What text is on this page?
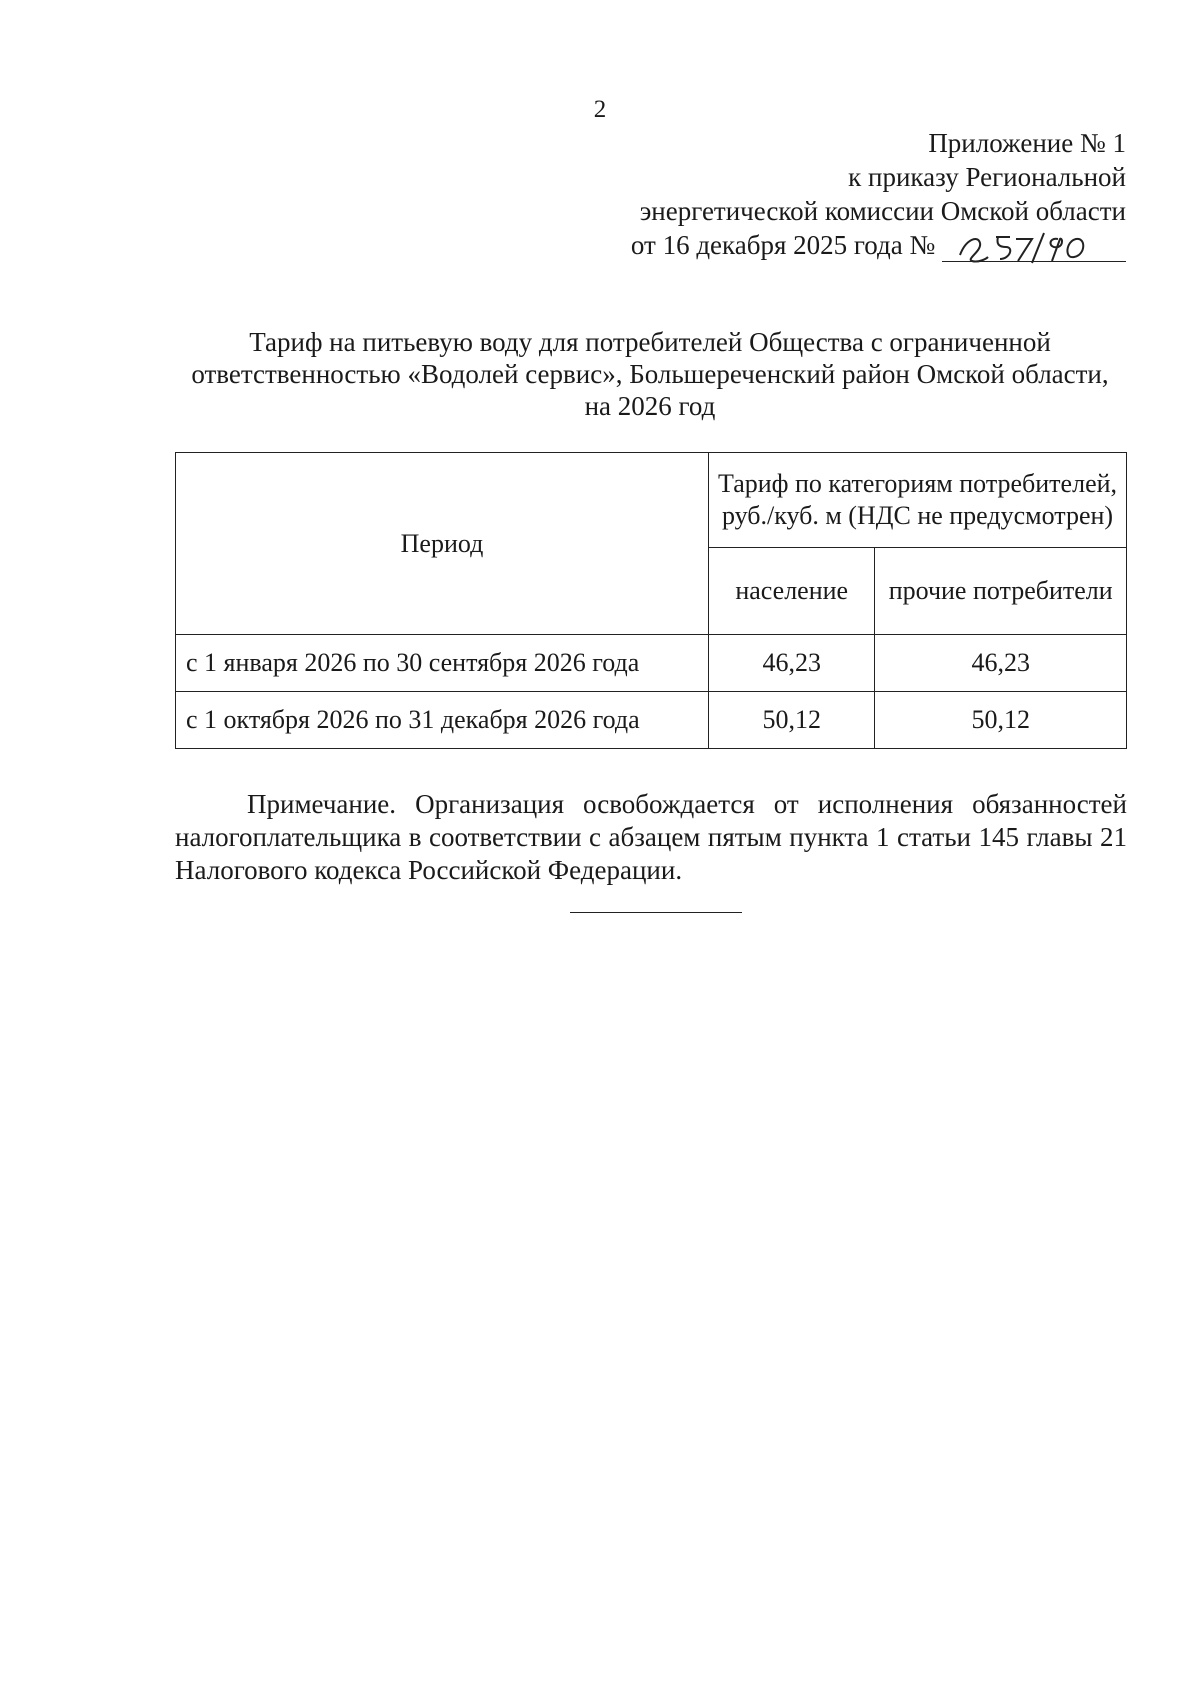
2
Приложение № 1
к приказу Региональной
энергетической комиссии Омской области
от 16 декабря 2025 года №
Тариф на питьевую воду для потребителей Общества с ограниченной ответственностью «Водолей сервис», Большереченский район Омской области, на 2026 год
Период	Тариф по категориям потребителей, руб./куб. м (НДС не предусмотрен)	
	население	прочие потребители
с 1 января 2026 по 30 сентября 2026 года	46,23	46,23
с 1 октября 2026 по 31 декабря 2026 года	50,12	50,12
Примечание. Организация освобождается от исполнения обязанностей налогоплательщика в соответствии с абзацем пятым пункта 1 статьи 145 главы 21 Налогового кодекса Российской Федерации.
